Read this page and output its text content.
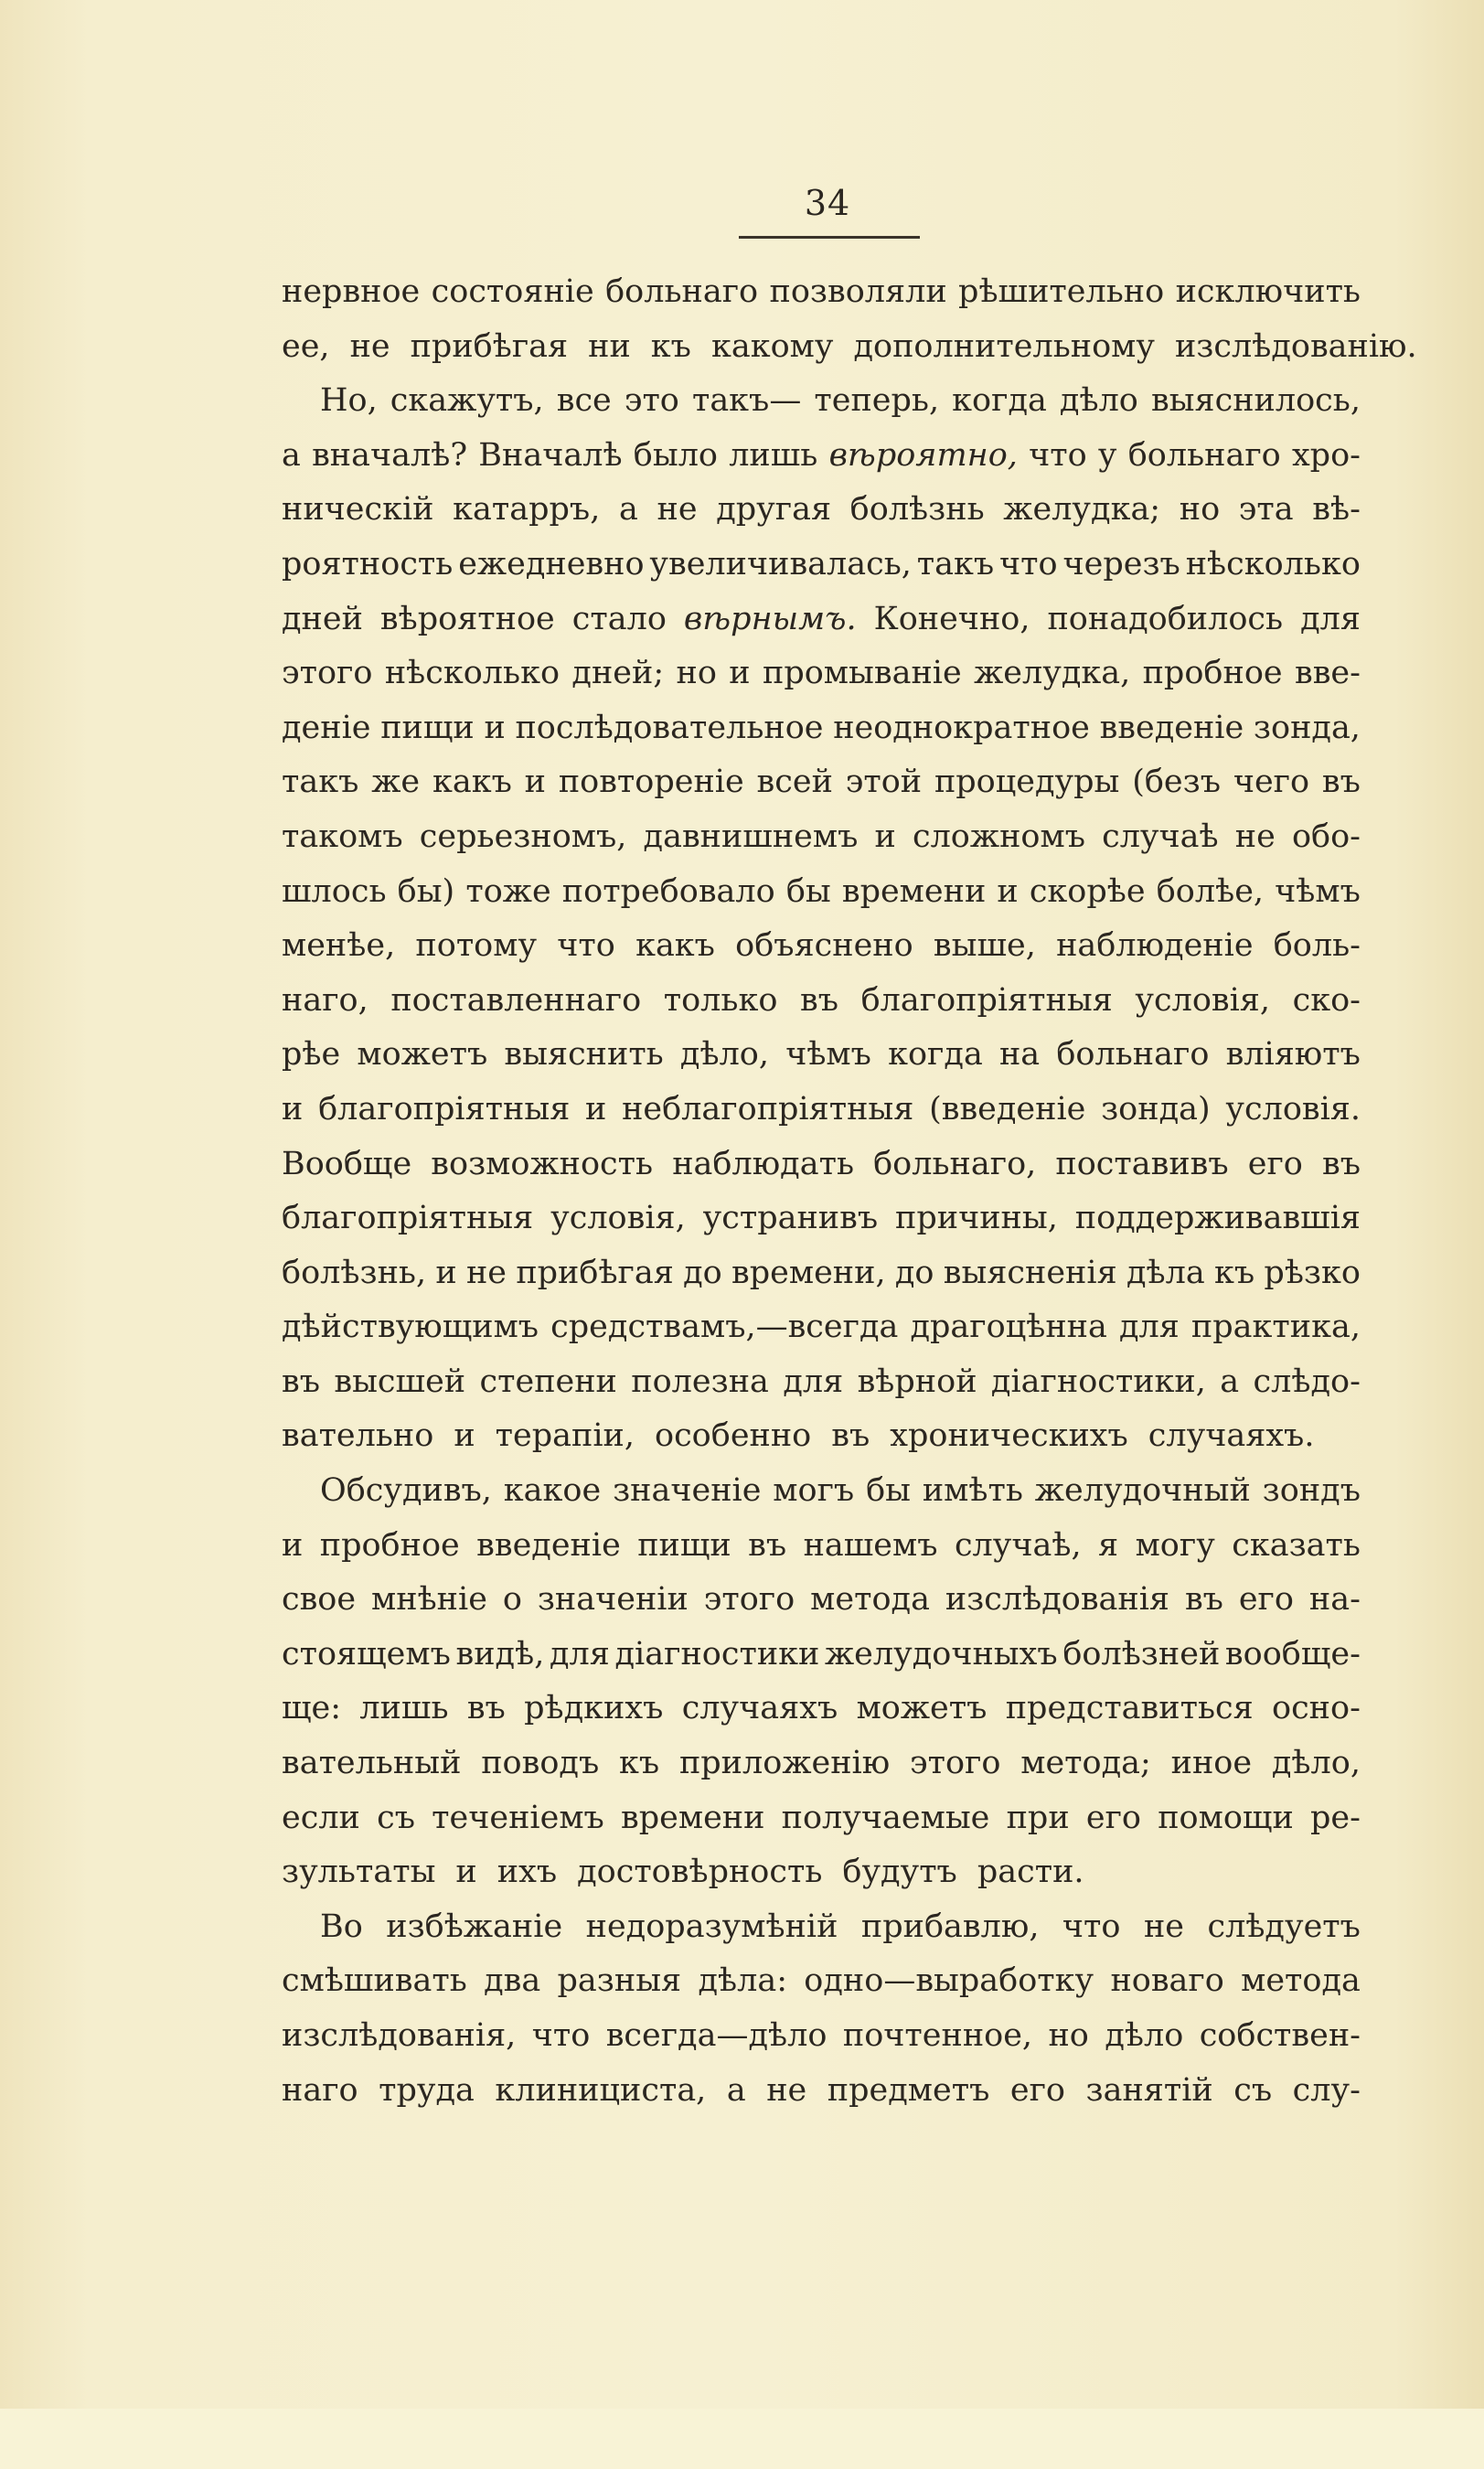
34
нервное состояніе больнаго позволяли рѣшительно исключить
ее, не прибѣгая ни къ какому дополнительному изслѣдованію.
Но, скажутъ, все это такъ— теперь, когда дѣло выяснилось,
а вначалѣ? Вначалѣ было лишь вѣроятно, что у больнаго хро-
ническій катарръ, а не другая болѣзнь желудка; но эта вѣ-
роятность ежедневно увеличивалась, такъ что черезъ нѣсколько
дней вѣроятное стало вѣрнымъ. Конечно, понадобилось для
этого нѣсколько дней; но и промываніе желудка, пробное вве-
деніе пищи и послѣдовательное неоднократное введеніе зонда,
такъ же какъ и повтореніе всей этой процедуры (безъ чего въ
такомъ серьезномъ, давнишнемъ и сложномъ случаѣ не обо-
шлось бы) тоже потребовало бы времени и скорѣе болѣе, чѣмъ
менѣе, потому что какъ объяснено выше, наблюденіе боль-
наго, поставленнаго только въ благопріятныя условія, ско-
рѣе можетъ выяснить дѣло, чѣмъ когда на больнаго вліяютъ
и благопріятныя и неблагопріятныя (введеніе зонда) условія.
Вообще возможность наблюдать больнаго, поставивъ его въ
благопріятныя условія, устранивъ причины, поддерживавшія
болѣзнь, и не прибѣгая до времени, до выясненія дѣла къ рѣзко
дѣйствующимъ средствамъ,—всегда драгоцѣнна для практика,
въ высшей степени полезна для вѣрной діагностики, а слѣдо-
вательно и терапіи, особенно въ хроническихъ случаяхъ.
Обсудивъ, какое значеніе могъ бы имѣть желудочный зондъ
и пробное введеніе пищи въ нашемъ случаѣ, я могу сказать
свое мнѣніе о значеніи этого метода изслѣдованія въ его на-
стоящемъ видѣ, для діагностики желудочныхъ болѣзней вообще-
ще: лишь въ рѣдкихъ случаяхъ можетъ представиться осно-
вательный поводъ къ приложенію этого метода; иное дѣло,
если съ теченіемъ времени получаемые при его помощи ре-
зультаты и ихъ достовѣрность будутъ расти.
Во избѣжаніе недоразумѣній прибавлю, что не слѣдуетъ
смѣшивать два разныя дѣла: одно—выработку новаго метода
изслѣдованія, что всегда—дѣло почтенное, но дѣло собствен-
наго труда клинициста, а не предметъ его занятій съ слу-
